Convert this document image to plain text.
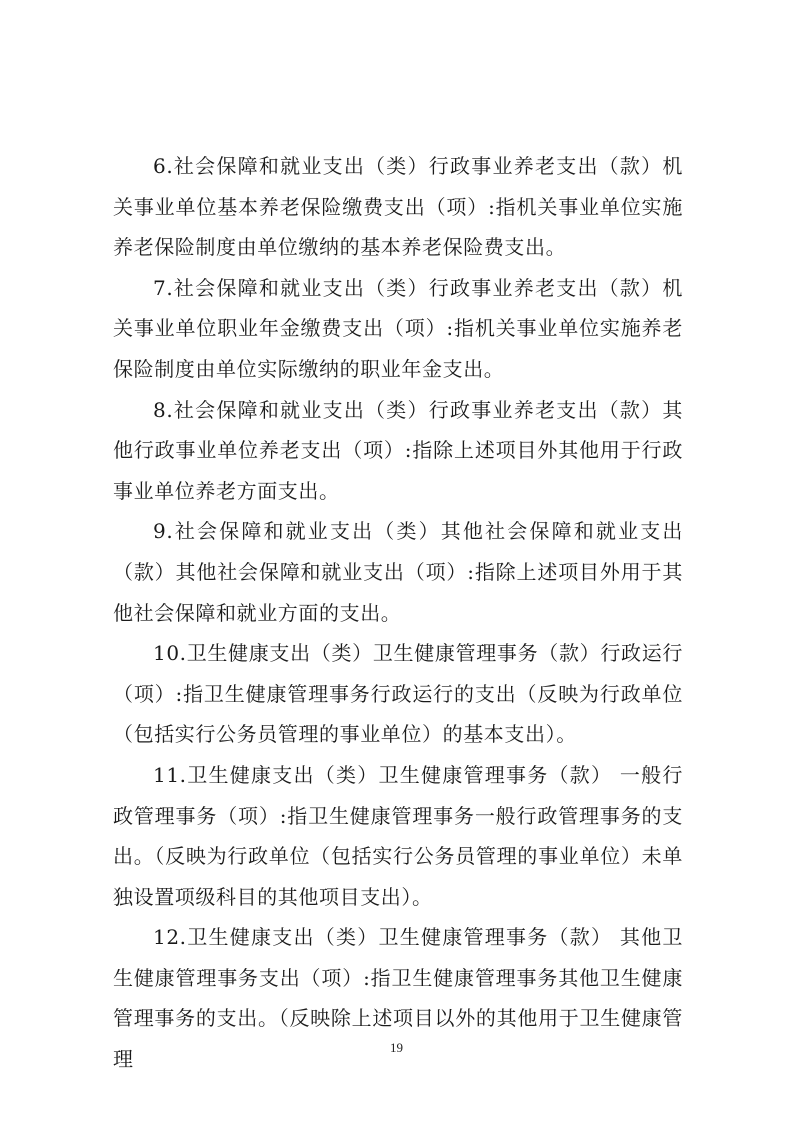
6.社会保障和就业支出（类）行政事业养老支出（款）机关事业单位基本养老保险缴费支出（项）:指机关事业单位实施养老保险制度由单位缴纳的基本养老保险费支出。

7.社会保障和就业支出（类）行政事业养老支出（款）机关事业单位职业年金缴费支出（项）:指机关事业单位实施养老保险制度由单位实际缴纳的职业年金支出。

8.社会保障和就业支出（类）行政事业养老支出（款）其他行政事业单位养老支出（项）:指除上述项目外其他用于行政事业单位养老方面支出。

9.社会保障和就业支出（类）其他社会保障和就业支出（款）其他社会保障和就业支出（项）:指除上述项目外用于其他社会保障和就业方面的支出。

10.卫生健康支出（类）卫生健康管理事务（款）行政运行（项）:指卫生健康管理事务行政运行的支出（反映为行政单位（包括实行公务员管理的事业单位）的基本支出）。

11.卫生健康支出（类）卫生健康管理事务（款） 一般行政管理事务（项）:指卫生健康管理事务一般行政管理事务的支出。（反映为行政单位（包括实行公务员管理的事业单位）未单独设置项级科目的其他项目支出）。

12.卫生健康支出（类）卫生健康管理事务（款） 其他卫生健康管理事务支出（项）:指卫生健康管理事务其他卫生健康管理事务的支出。（反映除上述项目以外的其他用于卫生健康管理	19
